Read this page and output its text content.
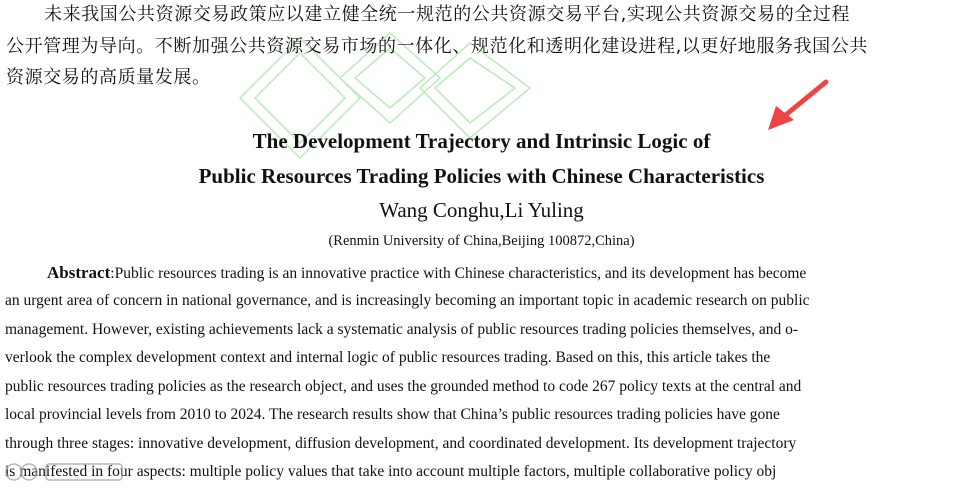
未来我国公共资源交易政策应以建立健全统一规范的公共资源交易平台,实现公共资源交易的全过程
公开管理为导向。不断加强公共资源交易市场的一体化、规范化和透明化建设进程,以更好地服务我国公共
资源交易的高质量发展。
The Development Trajectory and Intrinsic Logic of
Public Resources Trading Policies with Chinese Characteristics
Wang Conghu,Li Yuling
(Renmin University of China,Beijing 100872,China)
Abstract:Public resources trading is an innovative practice with Chinese characteristics, and its development has become
an urgent area of concern in national governance, and is increasingly becoming an important topic in academic research on public
management. However, existing achievements lack a systematic analysis of public resources trading policies themselves, and o-
verlook the complex development context and internal logic of public resources trading. Based on this, this article takes the
public resources trading policies as the research object, and uses the grounded method to code 267 policy texts at the central and
local provincial levels from 2010 to 2024. The research results show that China’s public resources trading policies have gone
through three stages: innovative development, diffusion development, and coordinated development. Its development trajectory
is manifested in four aspects: multiple policy values that take into account multiple factors, multiple collaborative policy obj
